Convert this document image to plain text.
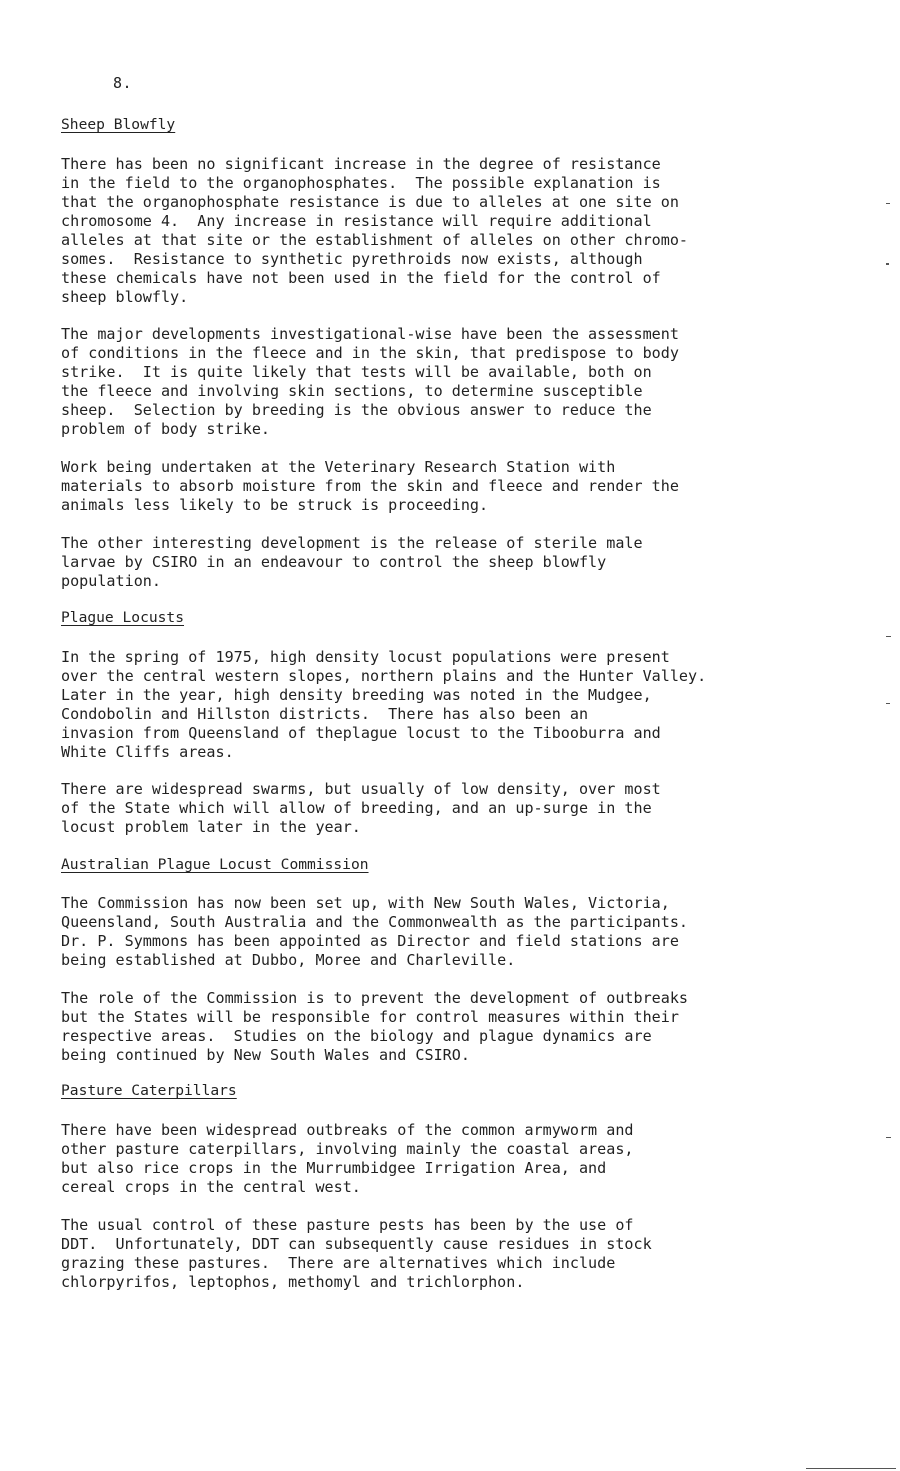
8.
Sheep Blowfly
There has been no significant increase in the degree of resistance
in the field to the organophosphates.  The possible explanation is
that the organophosphate resistance is due to alleles at one site on
chromosome 4.  Any increase in resistance will require additional
alleles at that site or the establishment of alleles on other chromo-
somes.  Resistance to synthetic pyrethroids now exists, although
these chemicals have not been used in the field for the control of
sheep blowfly.
The major developments investigational-wise have been the assessment
of conditions in the fleece and in the skin, that predispose to body
strike.  It is quite likely that tests will be available, both on
the fleece and involving skin sections, to determine susceptible
sheep.  Selection by breeding is the obvious answer to reduce the
problem of body strike.
Work being undertaken at the Veterinary Research Station with
materials to absorb moisture from the skin and fleece and render the
animals less likely to be struck is proceeding.
The other interesting development is the release of sterile male
larvae by CSIRO in an endeavour to control the sheep blowfly
population.
Plague Locusts
In the spring of 1975, high density locust populations were present
over the central western slopes, northern plains and the Hunter Valley.
Later in the year, high density breeding was noted in the Mudgee,
Condobolin and Hillston districts.  There has also been an
invasion from Queensland of theplague locust to the Tibooburra and
White Cliffs areas.
There are widespread swarms, but usually of low density, over most
of the State which will allow of breeding, and an up-surge in the
locust problem later in the year.
Australian Plague Locust Commission
The Commission has now been set up, with New South Wales, Victoria,
Queensland, South Australia and the Commonwealth as the participants.
Dr. P. Symmons has been appointed as Director and field stations are
being established at Dubbo, Moree and Charleville.
The role of the Commission is to prevent the development of outbreaks
but the States will be responsible for control measures within their
respective areas.  Studies on the biology and plague dynamics are
being continued by New South Wales and CSIRO.
Pasture Caterpillars
There have been widespread outbreaks of the common armyworm and
other pasture caterpillars, involving mainly the coastal areas,
but also rice crops in the Murrumbidgee Irrigation Area, and
cereal crops in the central west.
The usual control of these pasture pests has been by the use of
DDT.  Unfortunately, DDT can subsequently cause residues in stock
grazing these pastures.  There are alternatives which include
chlorpyrifos, leptophos, methomyl and trichlorphon.
